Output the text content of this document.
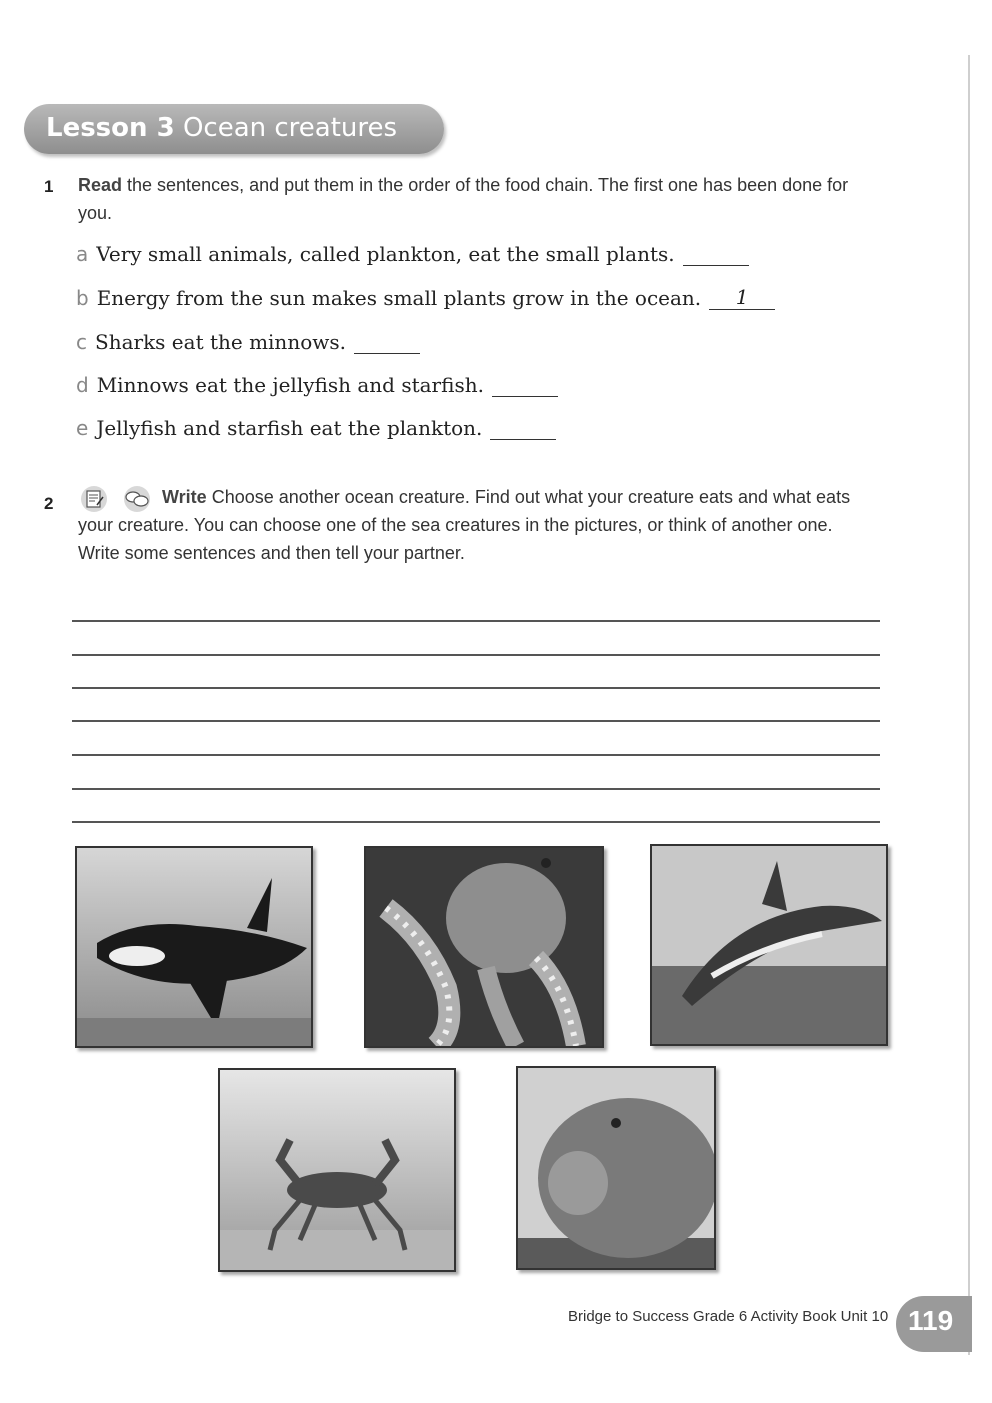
Lesson 3 Ocean creatures
1 Read the sentences, and put them in the order of the food chain. The first one has been done for you.
a Very small animals, called plankton, eat the small plants.
b Energy from the sun makes small plants grow in the ocean. 1
c Sharks eat the minnows.
d Minnows eat the jellyfish and starfish.
e Jellyfish and starfish eat the plankton.
2	Write Choose another ocean creature. Find out what your creature eats and what eats your creature. You can choose one of the sea creatures in the pictures, or think of another one. Write some sentences and then tell your partner.
Bridge to Success Grade 6 Activity Book Unit 10 119
